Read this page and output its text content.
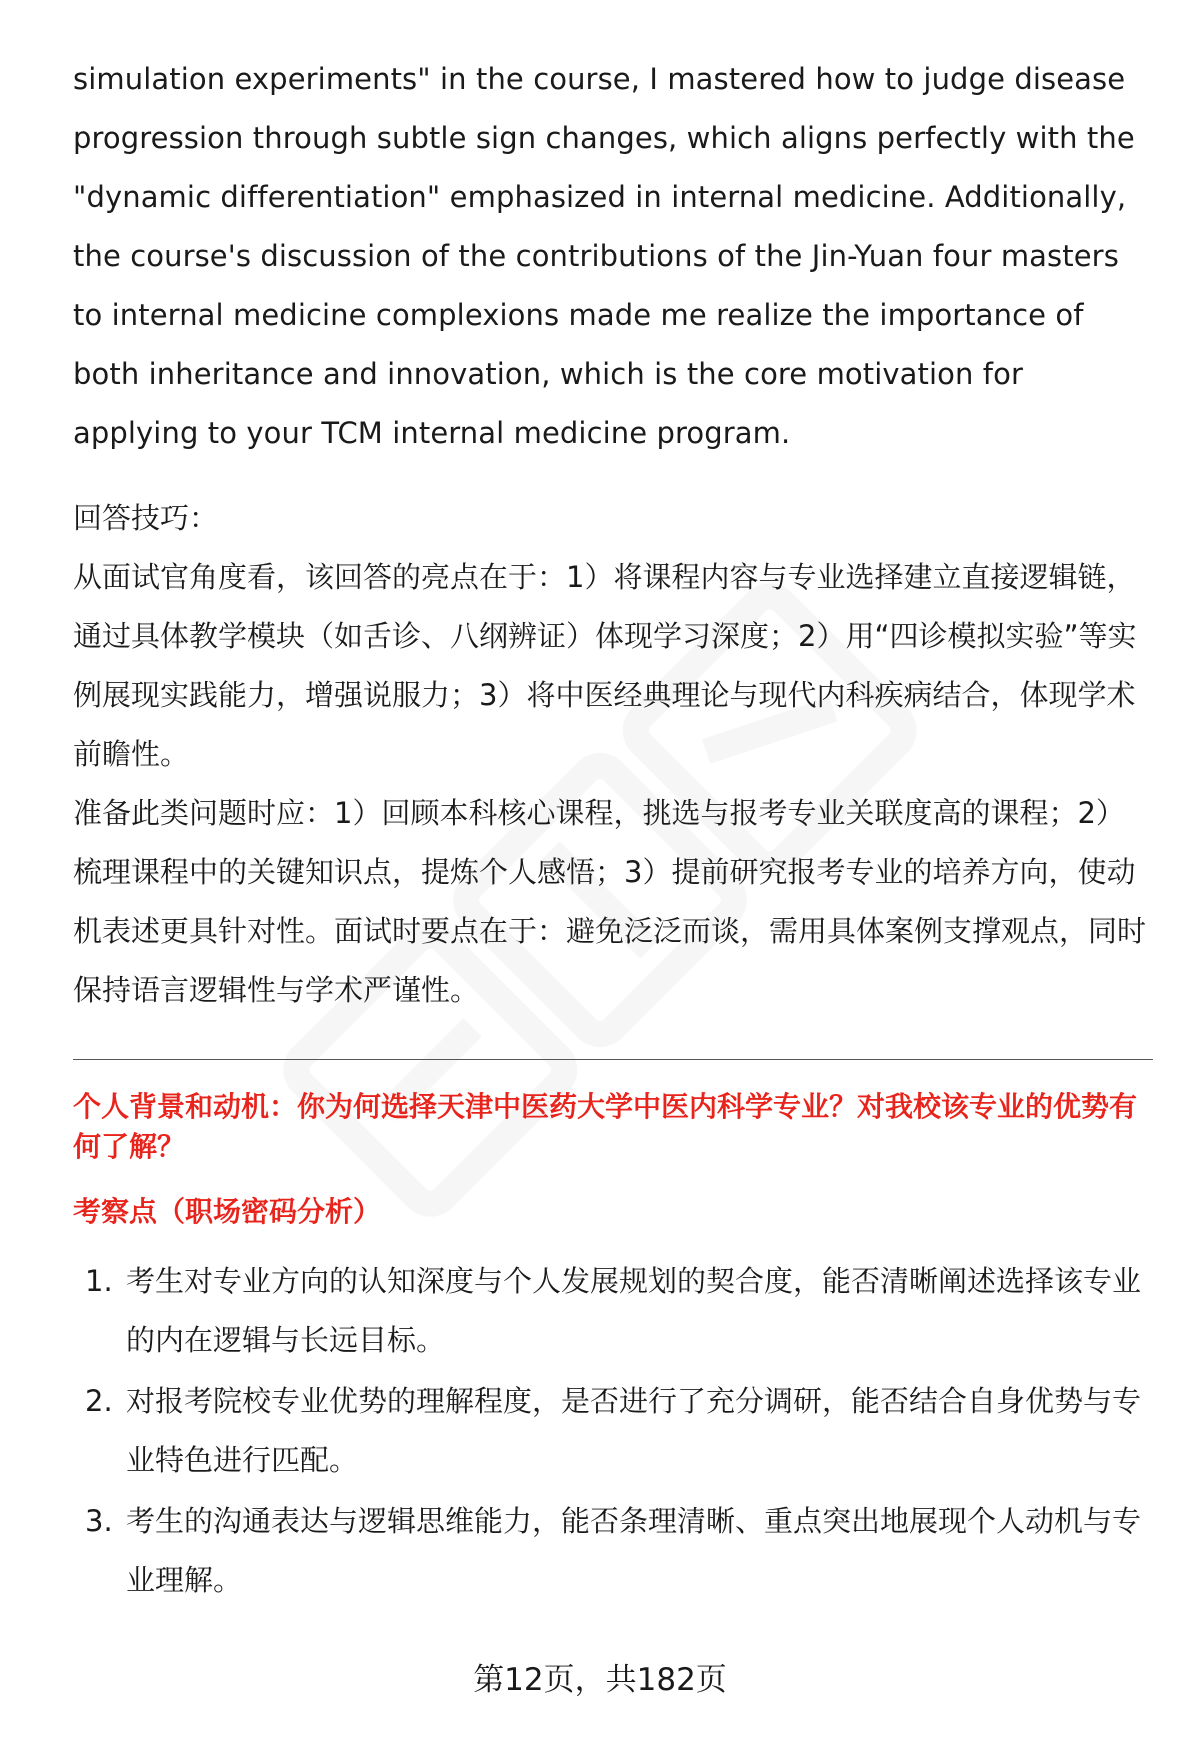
simulation experiments" in the course, I mastered how to judge disease progression through subtle sign changes, which aligns perfectly with the "dynamic differentiation" emphasized in internal medicine. Additionally, the course's discussion of the contributions of the Jin-Yuan four masters to internal medicine complexions made me realize the importance of both inheritance and innovation, which is the core motivation for applying to your TCM internal medicine program.

回答技巧：

从面试官角度看，该回答的亮点在于：1）将课程内容与专业选择建立直接逻辑链，通过具体教学模块（如舌诊、八纲辨证）体现学习深度；2）用“四诊模拟实验”等实例展现实践能力，增强说服力；3）将中医经典理论与现代内科疾病结合，体现学术前瞻性。

准备此类问题时应：1）回顾本科核心课程，挑选与报考专业关联度高的课程；2）梳理课程中的关键知识点，提炼个人感悟；3）提前研究报考专业的培养方向，使动机表述更具针对性。面试时要点在于：避免泛泛而谈，需用具体案例支撑观点，同时保持语言逻辑性与学术严谨性。

个人背景和动机：你为何选择天津中医药大学中医内科学专业？对我校该专业的优势有何了解？

考察点（职场密码分析）

1. 考生对专业方向的认知深度与个人发展规划的契合度，能否清晰阐述选择该专业的内在逻辑与长远目标。
2. 对报考院校专业优势的理解程度，是否进行了充分调研，能否结合自身优势与专业特色进行匹配。
3. 考生的沟通表达与逻辑思维能力，能否条理清晰、重点突出地展现个人动机与专业理解。
第12页，共182页
